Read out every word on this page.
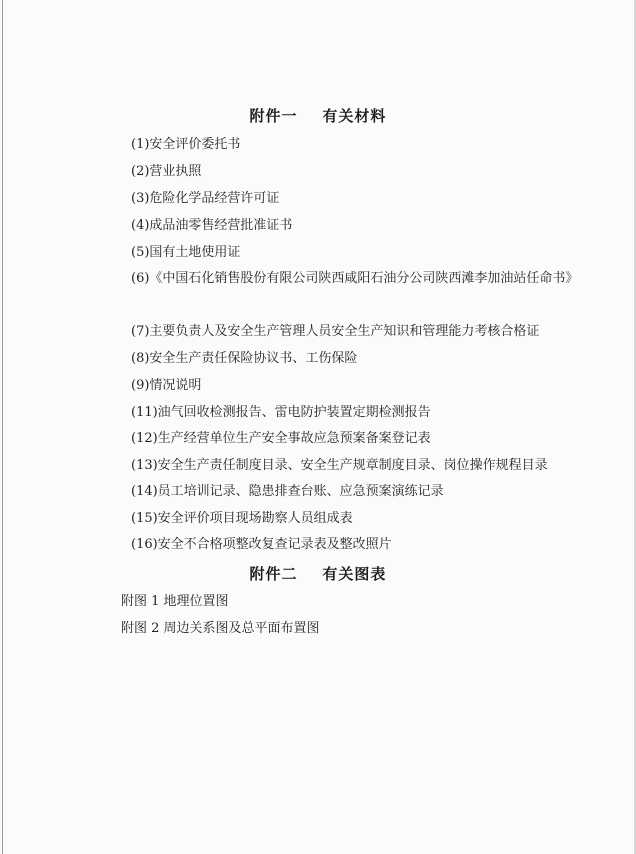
附件一    有关材料
(1)安全评价委托书
(2)营业执照
(3)危险化学品经营许可证
(4)成品油零售经营批准证书
(5)国有土地使用证
(6)《中国石化销售股份有限公司陕西咸阳石油分公司陕西滩李加油站任命书》
(7)主要负责人及安全生产管理人员安全生产知识和管理能力考核合格证
(8)安全生产责任保险协议书、工伤保险
(9)情况说明
(11)油气回收检测报告、雷电防护装置定期检测报告
(12)生产经营单位生产安全事故应急预案备案登记表
(13)安全生产责任制度目录、安全生产规章制度目录、岗位操作规程目录
(14)员工培训记录、隐患排查台账、应急预案演练记录
(15)安全评价项目现场勘察人员组成表
(16)安全不合格项整改复查记录表及整改照片
附件二    有关图表
附图 1 地理位置图
附图 2 周边关系图及总平面布置图
